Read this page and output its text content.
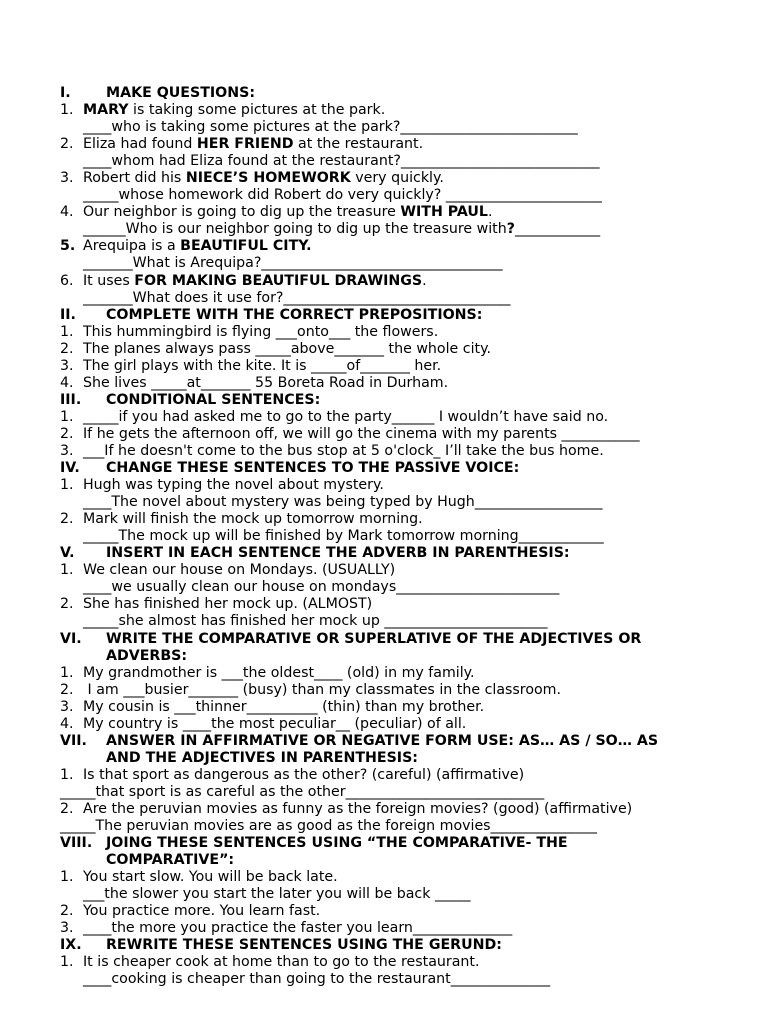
I. MAKE QUESTIONS:
1. MARY is taking some pictures at the park.
____who is taking some pictures at the park?_________________________
2. Eliza had found HER FRIEND at the restaurant.
____whom had Eliza found at the restaurant?____________________________
3. Robert did his NIECE’S HOMEWORK very quickly.
_____whose homework did Robert do very quickly? ______________________
4. Our neighbor is going to dig up the treasure WITH PAUL.
______Who is our neighbor going to dig up the treasure with?____________
5. Arequipa is a BEAUTIFUL CITY.
_______What is Arequipa?__________________________________
6. It uses FOR MAKING BEAUTIFUL DRAWINGS.
_______What does it use for?________________________________
II. COMPLETE WITH THE CORRECT PREPOSITIONS:
1. This hummingbird is flying ___onto___ the flowers.
2. The planes always pass _____above_______ the whole city.
3. The girl plays with the kite. It is _____of_______ her.
4. She lives _____at_______ 55 Boreta Road in Durham.
III. CONDITIONAL SENTENCES:
1. _____if you had asked me to go to the party______ I wouldn’t have said no.
2. If he gets the afternoon off, we will go the cinema with my parents ___________
3. ___If he doesn't come to the bus stop at 5 o'clock_ I’ll take the bus home.
IV. CHANGE THESE SENTENCES TO THE PASSIVE VOICE:
1. Hugh was typing the novel about mystery.
____The novel about mystery was being typed by Hugh__________________
2. Mark will finish the mock up tomorrow morning.
_____The mock up will be finished by Mark tomorrow morning____________
V. INSERT IN EACH SENTENCE THE ADVERB IN PARENTHESIS:
1. We clean our house on Mondays. (USUALLY)
____we usually clean our house on mondays_______________________
2. She has finished her mock up. (ALMOST)
_____she almost has finished her mock up _______________________
VI. WRITE THE COMPARATIVE OR SUPERLATIVE OF THE ADJECTIVES OR
ADVERBS:
1. My grandmother is ___the oldest____ (old) in my family.
2. I am ___busier_______ (busy) than my classmates in the classroom.
3. My cousin is ___thinner__________ (thin) than my brother.
4. My country is ____the most peculiar__ (peculiar) of all.
VII. ANSWER IN AFFIRMATIVE OR NEGATIVE FORM USE: AS… AS / SO… AS
AND THE ADJECTIVES IN PARENTHESIS:
1. Is that sport as dangerous as the other? (careful) (affirmative)
_____that sport is as careful as the other____________________________
2. Are the peruvian movies as funny as the foreign movies? (good) (affirmative)
_____The peruvian movies are as good as the foreign movies_______________
VIII. JOING THESE SENTENCES USING “THE COMPARATIVE- THE
COMPARATIVE”:
1. You start slow. You will be back late.
___the slower you start the later you will be back _____
2. You practice more. You learn fast.
3. ____the more you practice the faster you learn______________
IX. REWRITE THESE SENTENCES USING THE GERUND:
1. It is cheaper cook at home than to go to the restaurant.
____cooking is cheaper than going to the restaurant______________
